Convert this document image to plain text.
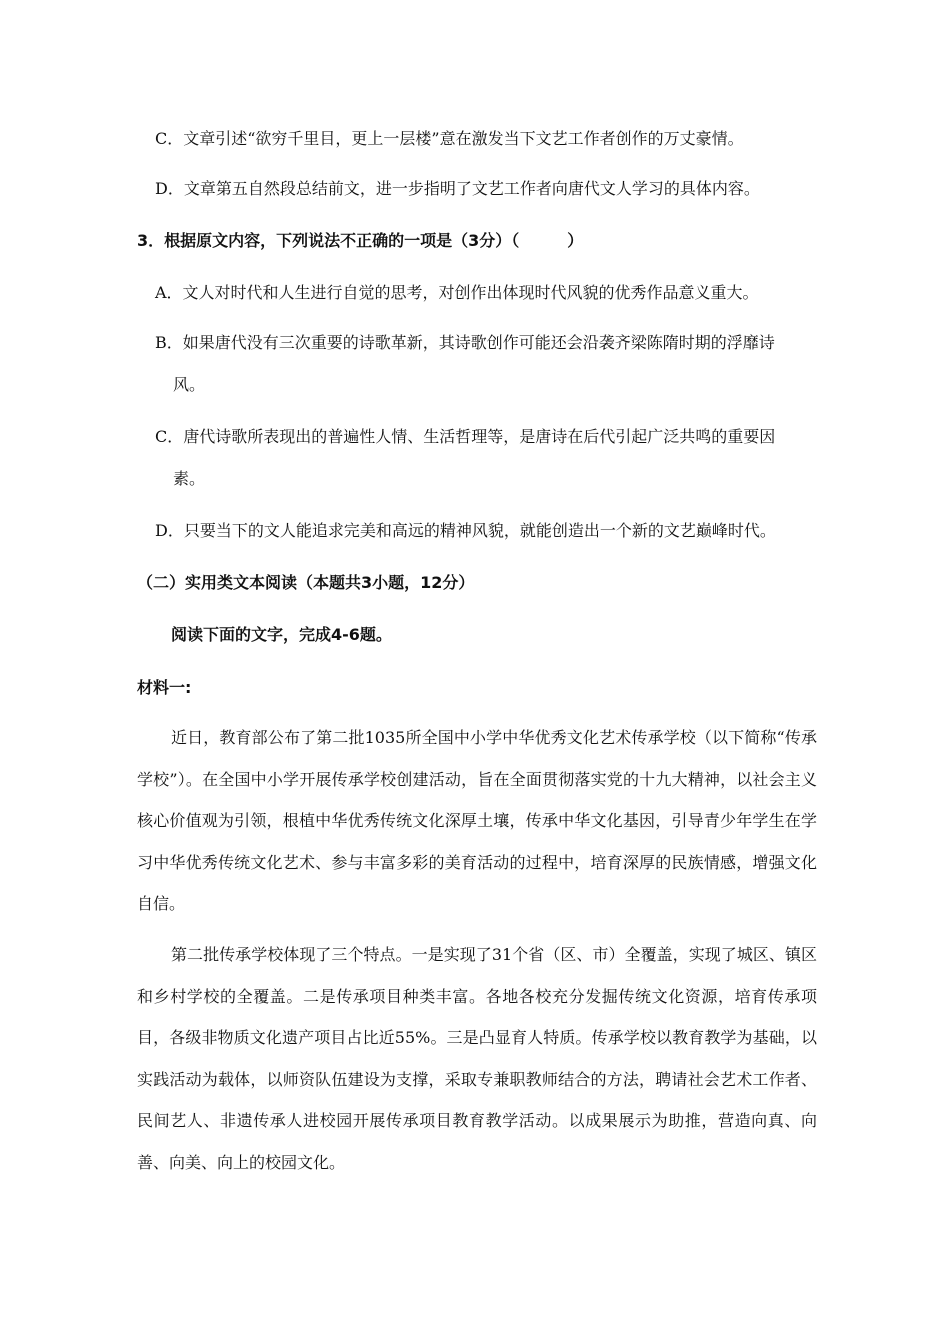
C．文章引述“欲穷千里目，更上一层楼”意在激发当下文艺工作者创作的万丈豪情。
D．文章第五自然段总结前文，进一步指明了文艺工作者向唐代文人学习的具体内容。
3．根据原文内容，下列说法不正确的一项是（3分）（　　　）
A．文人对时代和人生进行自觉的思考，对创作出体现时代风貌的优秀作品意义重大。
B．如果唐代没有三次重要的诗歌革新，其诗歌创作可能还会沿袭齐梁陈隋时期的浮靡诗
风。
C．唐代诗歌所表现出的普遍性人情、生活哲理等，是唐诗在后代引起广泛共鸣的重要因
素。
D．只要当下的文人能追求完美和高远的精神风貌，就能创造出一个新的文艺巅峰时代。
（二）实用类文本阅读（本题共3小题，12分）
阅读下面的文字，完成4-6题。
材料一:
近日，教育部公布了第二批1035所全国中小学中华优秀文化艺术传承学校（以下简称“传承学校”）。在全国中小学开展传承学校创建活动，旨在全面贯彻落实党的十九大精神，以社会主义核心价值观为引领，根植中华优秀传统文化深厚土壤，传承中华文化基因，引导青少年学生在学习中华优秀传统文化艺术、参与丰富多彩的美育活动的过程中，培育深厚的民族情感，增强文化自信。
第二批传承学校体现了三个特点。一是实现了31个省（区、市）全覆盖，实现了城区、镇区和乡村学校的全覆盖。二是传承项目种类丰富。各地各校充分发掘传统文化资源，培育传承项目，各级非物质文化遗产项目占比近55%。三是凸显育人特质。传承学校以教育教学为基础，以实践活动为载体，以师资队伍建设为支撑，采取专兼职教师结合的方法，聘请社会艺术工作者、民间艺人、非遗传承人进校园开展传承项目教育教学活动。以成果展示为助推，营造向真、向善、向美、向上的校园文化。
